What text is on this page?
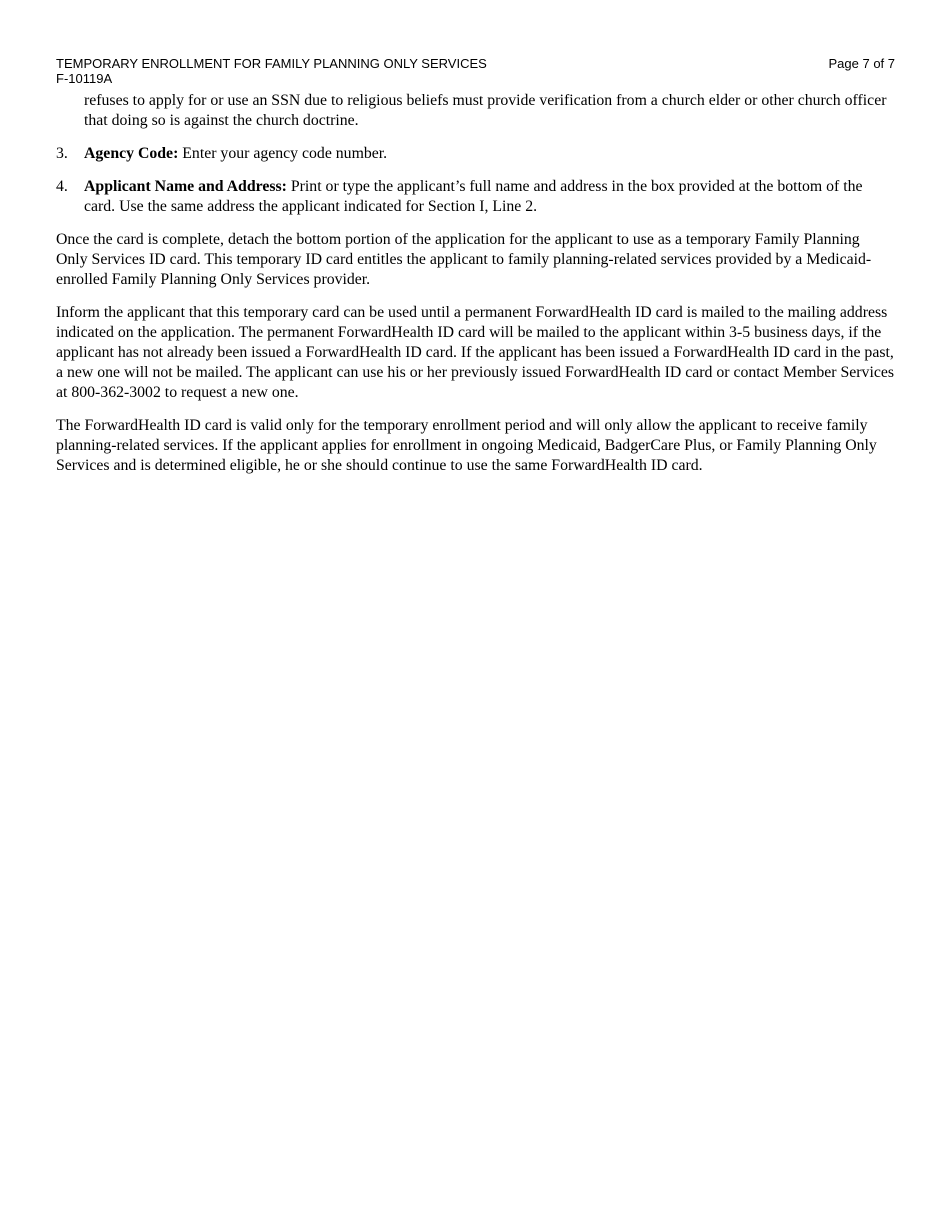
TEMPORARY ENROLLMENT FOR FAMILY PLANNING ONLY SERVICES
F-10119A
Page 7 of 7

refuses to apply for or use an SSN due to religious beliefs must provide verification from a church elder or other church officer that doing so is against the church doctrine.

3. Agency Code: Enter your agency code number.
4. Applicant Name and Address: Print or type the applicant’s full name and address in the box provided at the bottom of the card. Use the same address the applicant indicated for Section I, Line 2.

Once the card is complete, detach the bottom portion of the application for the applicant to use as a temporary Family Planning Only Services ID card. This temporary ID card entitles the applicant to family planning-related services provided by a Medicaid-enrolled Family Planning Only Services provider.

Inform the applicant that this temporary card can be used until a permanent ForwardHealth ID card is mailed to the mailing address indicated on the application. The permanent ForwardHealth ID card will be mailed to the applicant within 3-5 business days, if the applicant has not already been issued a ForwardHealth ID card. If the applicant has been issued a ForwardHealth ID card in the past, a new one will not be mailed. The applicant can use his or her previously issued ForwardHealth ID card or contact Member Services at 800-362-3002 to request a new one.

The ForwardHealth ID card is valid only for the temporary enrollment period and will only allow the applicant to receive family planning-related services. If the applicant applies for enrollment in ongoing Medicaid, BadgerCare Plus, or Family Planning Only Services and is determined eligible, he or she should continue to use the same ForwardHealth ID card.
